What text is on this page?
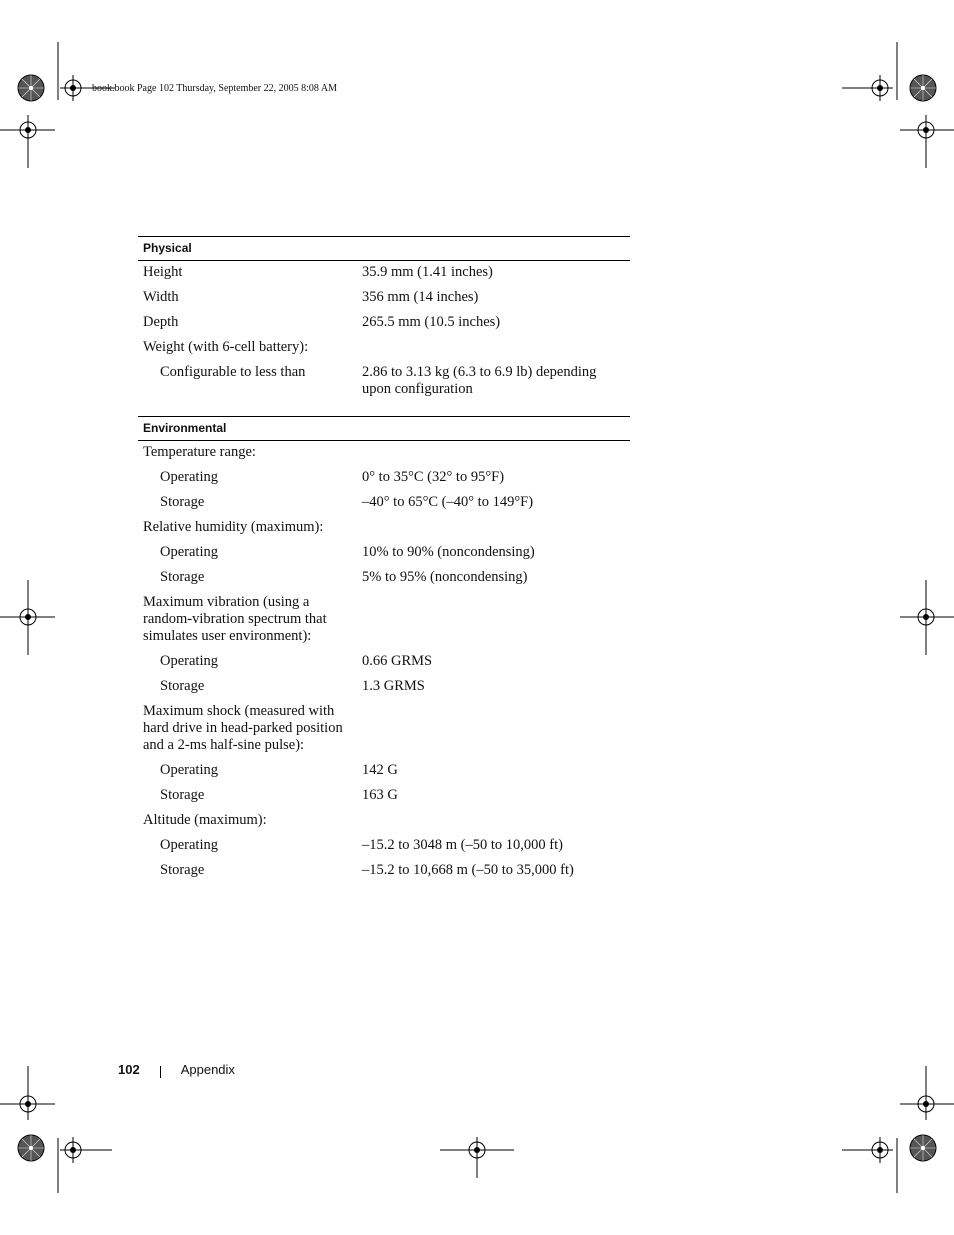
book.book Page 102 Thursday, September 22, 2005 8:08 AM
Physical
Height	35.9 mm (1.41 inches)
Width	356 mm (14 inches)
Depth	265.5 mm (10.5 inches)
Weight (with 6-cell battery):
Configurable to less than	2.86 to 3.13 kg (6.3 to 6.9 lb) depending upon configuration
Environmental
Temperature range:
Operating	0° to 35°C (32° to 95°F)
Storage	–40° to 65°C (–40° to 149°F)
Relative humidity (maximum):
Operating	10% to 90% (noncondensing)
Storage	5% to 95% (noncondensing)
Maximum vibration (using a random-vibration spectrum that simulates user environment):
Operating	0.66 GRMS
Storage	1.3 GRMS
Maximum shock (measured with hard drive in head-parked position and a 2-ms half-sine pulse):
Operating	142 G
Storage	163 G
Altitude (maximum):
Operating	–15.2 to 3048 m (–50 to 10,000 ft)
Storage	–15.2 to 10,668 m (–50 to 35,000 ft)
102	Appendix
